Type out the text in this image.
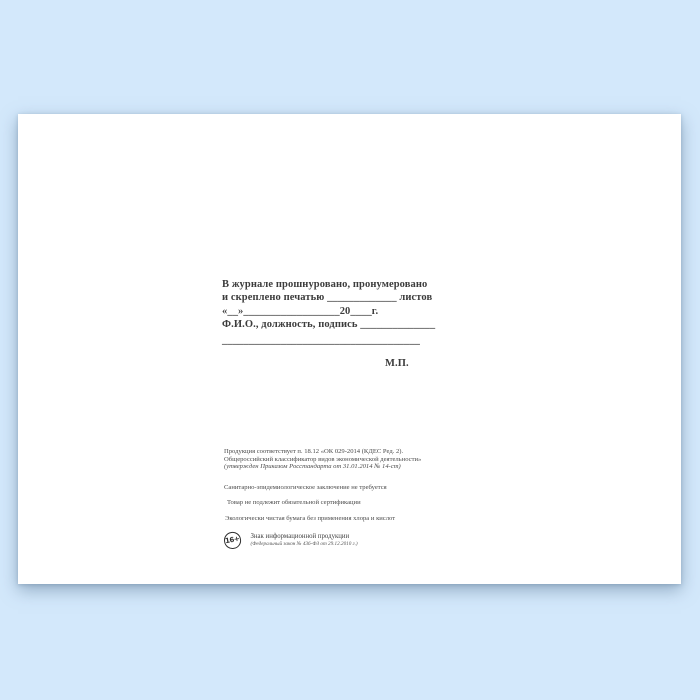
В журнале прошнуровано, пронумеровано
и скреплено печатью _____________ листов
«__»__________________20____г.
Ф.И.О., должность, подпись ______________
_____________________________________
М.П.
Продукция соответствует п. 18.12 «ОК 029-2014 (КДЕС Ред. 2).
Общероссийский классификатор видов экономической деятельности»
(утвержден Приказом Росстандарта от 31.01.2014 № 14-ст)
Санитарно-эпидемиологическое заключение не требуется
Товар не подлежит обязательной сертификации
Экологически чистая бумага без применения хлора и кислот
16+ Знак информационной продукции
(Федеральный закон № 436-ФЗ от 29.12.2010 г.)
